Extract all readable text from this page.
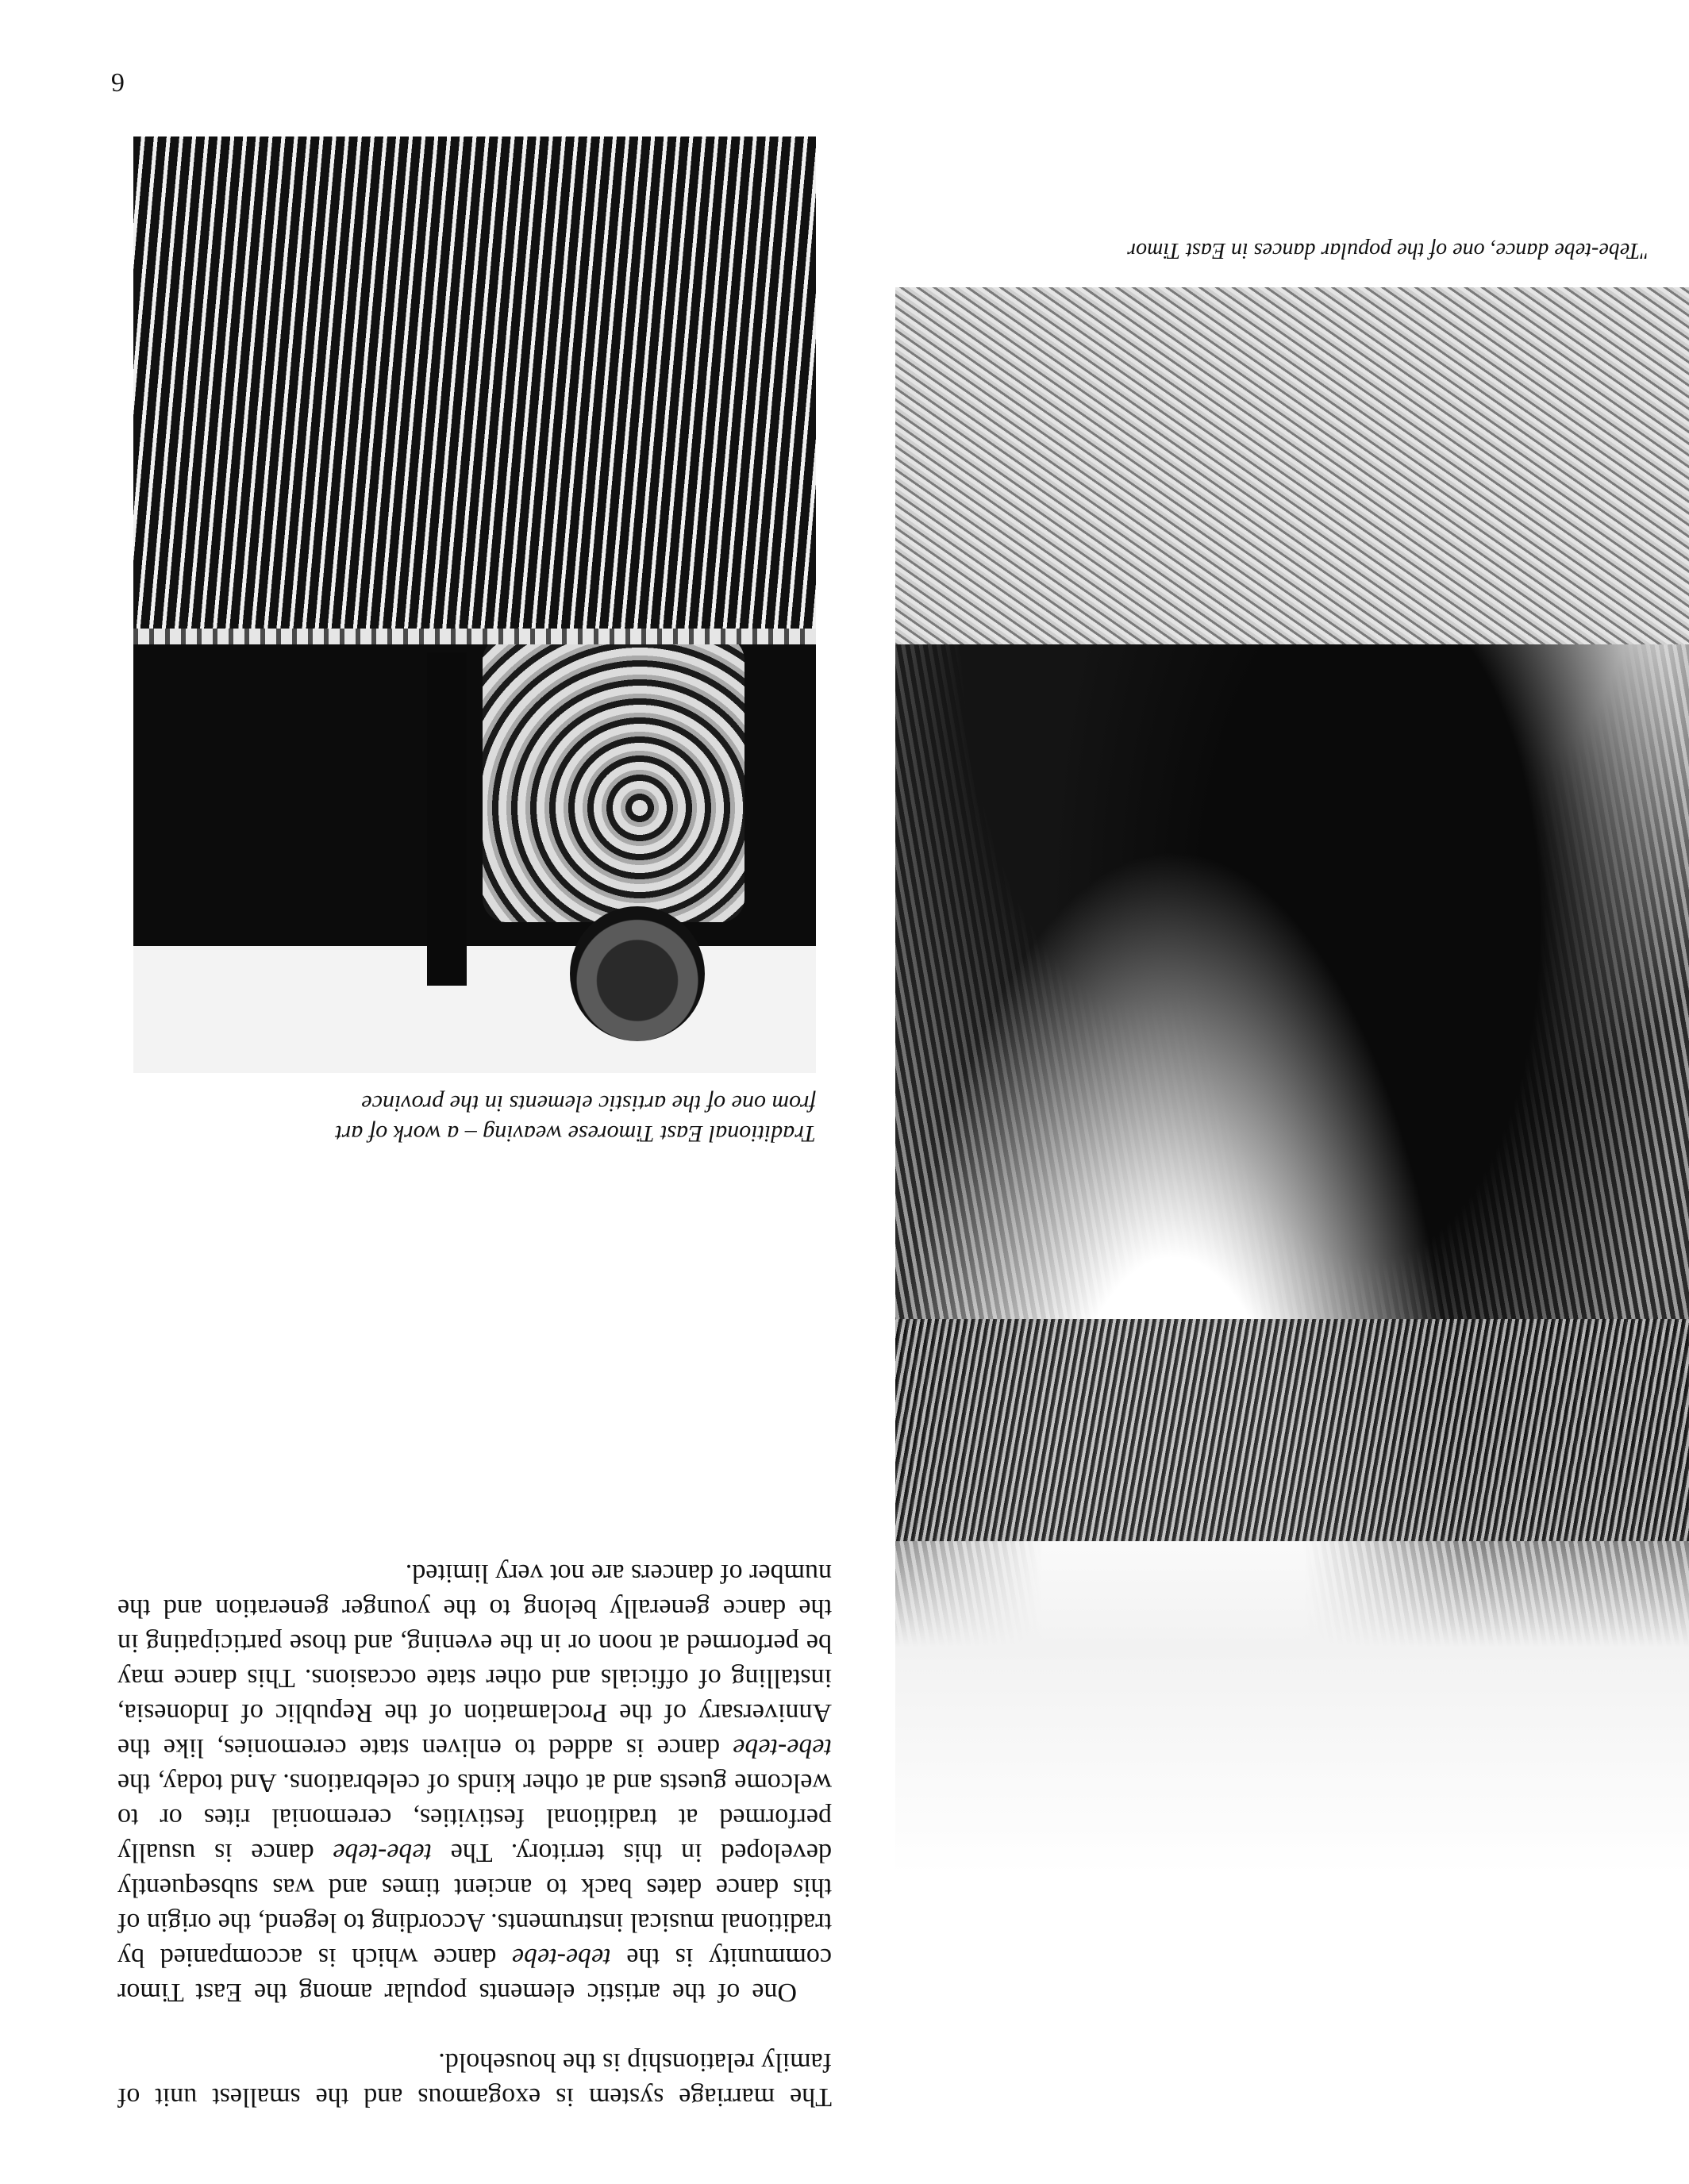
"Tebe-tebe dance, one of the popular dances in East Timor

The marriage system is exogamous and the smallest unit of family relationship is the household.

One of the artistic elements popular among the East Timor community is the tebe-tebe dance which is accompanied by traditional musical instruments. According to legend, the origin of this dance dates back to ancient times and was subsequently developed in this territory. The tebe-tebe dance is usually performed at traditional festivities, ceremonial rites or to welcome guests and at other kinds of celebrations. And today, the tebe-tebe dance is added to enliven state ceremonies, like the Anniversary of the Proclamation of the Republic of Indonesia, installing of officials and other state occasions. This dance may be performed at noon or in the evening, and those participating in the dance generally belong to the younger generation and the number of dancers are not very limited.

Traditional East Timorese weaving – a work of art
from one of the artistic elements in the province
6
